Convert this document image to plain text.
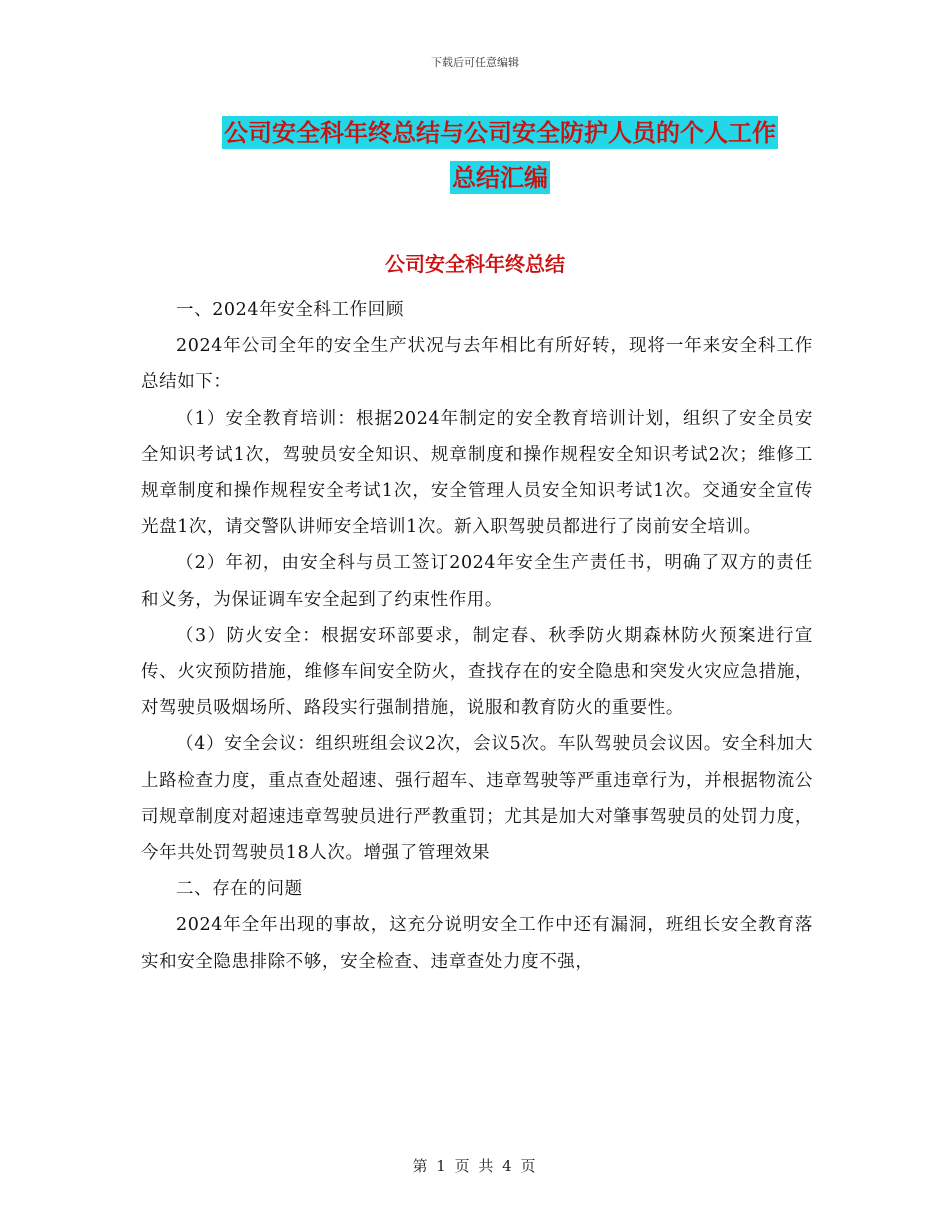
下载后可任意编辑
公司安全科年终总结与公司安全防护人员的个人工作
总结汇编
公司安全科年终总结

一、2024年安全科工作回顾

2024年公司全年的安全生产状况与去年相比有所好转，现将一年来安全科工作总结如下：

（1）安全教育培训：根据2024年制定的安全教育培训计划，组织了安全员安全知识考试1次，驾驶员安全知识、规章制度和操作规程安全知识考试2次；维修工规章制度和操作规程安全考试1次，安全管理人员安全知识考试1次。交通安全宣传光盘1次，请交警队讲师安全培训1次。新入职驾驶员都进行了岗前安全培训。

（2）年初，由安全科与员工签订2024年安全生产责任书，明确了双方的责任和义务，为保证调车安全起到了约束性作用。

（3）防火安全：根据安环部要求，制定春、秋季防火期森林防火预案进行宣传、火灾预防措施，维修车间安全防火，查找存在的安全隐患和突发火灾应急措施，对驾驶员吸烟场所、路段实行强制措施，说服和教育防火的重要性。

（4）安全会议：组织班组会议2次，会议5次。车队驾驶员会议因。安全科加大上路检查力度，重点查处超速、强行超车、违章驾驶等严重违章行为，并根据物流公司规章制度对超速违章驾驶员进行严教重罚；尤其是加大对肇事驾驶员的处罚力度，今年共处罚驾驶员18人次。增强了管理效果

二、存在的问题

2024年全年出现的事故，这充分说明安全工作中还有漏洞，班组长安全教育落实和安全隐患排除不够，安全检查、违章查处力度不强，

第 1 页 共 4 页
